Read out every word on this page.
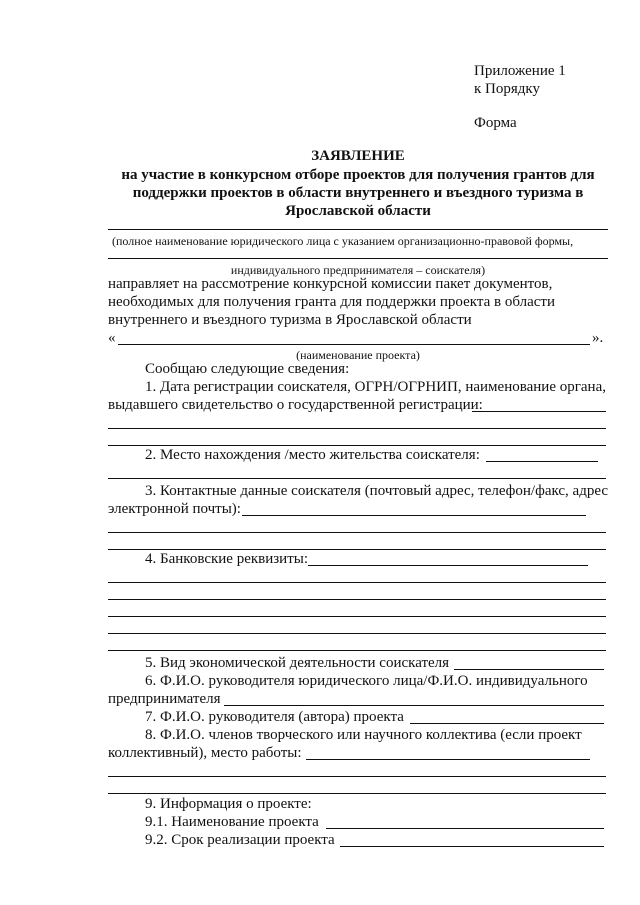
Приложение 1
к Порядку
Форма
ЗАЯВЛЕНИЕ
на участие в конкурсном отборе проектов для получения грантов для
поддержки проектов в области внутреннего и въездного туризма в
Ярославской области
(полное наименование юридического лица с указанием организационно-правовой формы,
индивидуального предпринимателя – соискателя)
направляет на рассмотрение конкурсной комиссии пакет документов,
необходимых для получения гранта для поддержки проекта в области
внутреннего и въездного туризма в Ярославской области
«	».
(наименование проекта)
Сообщаю следующие сведения:
1. Дата регистрации соискателя, ОГРН/ОГРНИП, наименование органа,
выдавшего свидетельство о государственной регистрации:
2. Место нахождения /место жительства соискателя:
3. Контактные данные соискателя (почтовый адрес, телефон/факс, адрес
электронной почты):
4. Банковские реквизиты:
5. Вид экономической деятельности соискателя
6. Ф.И.О. руководителя юридического лица/Ф.И.О. индивидуального
предпринимателя
7. Ф.И.О. руководителя (автора) проекта
8. Ф.И.О. членов творческого или научного коллектива (если проект
коллективный), место работы:
9. Информация о проекте:
9.1. Наименование проекта
9.2. Срок реализации проекта
